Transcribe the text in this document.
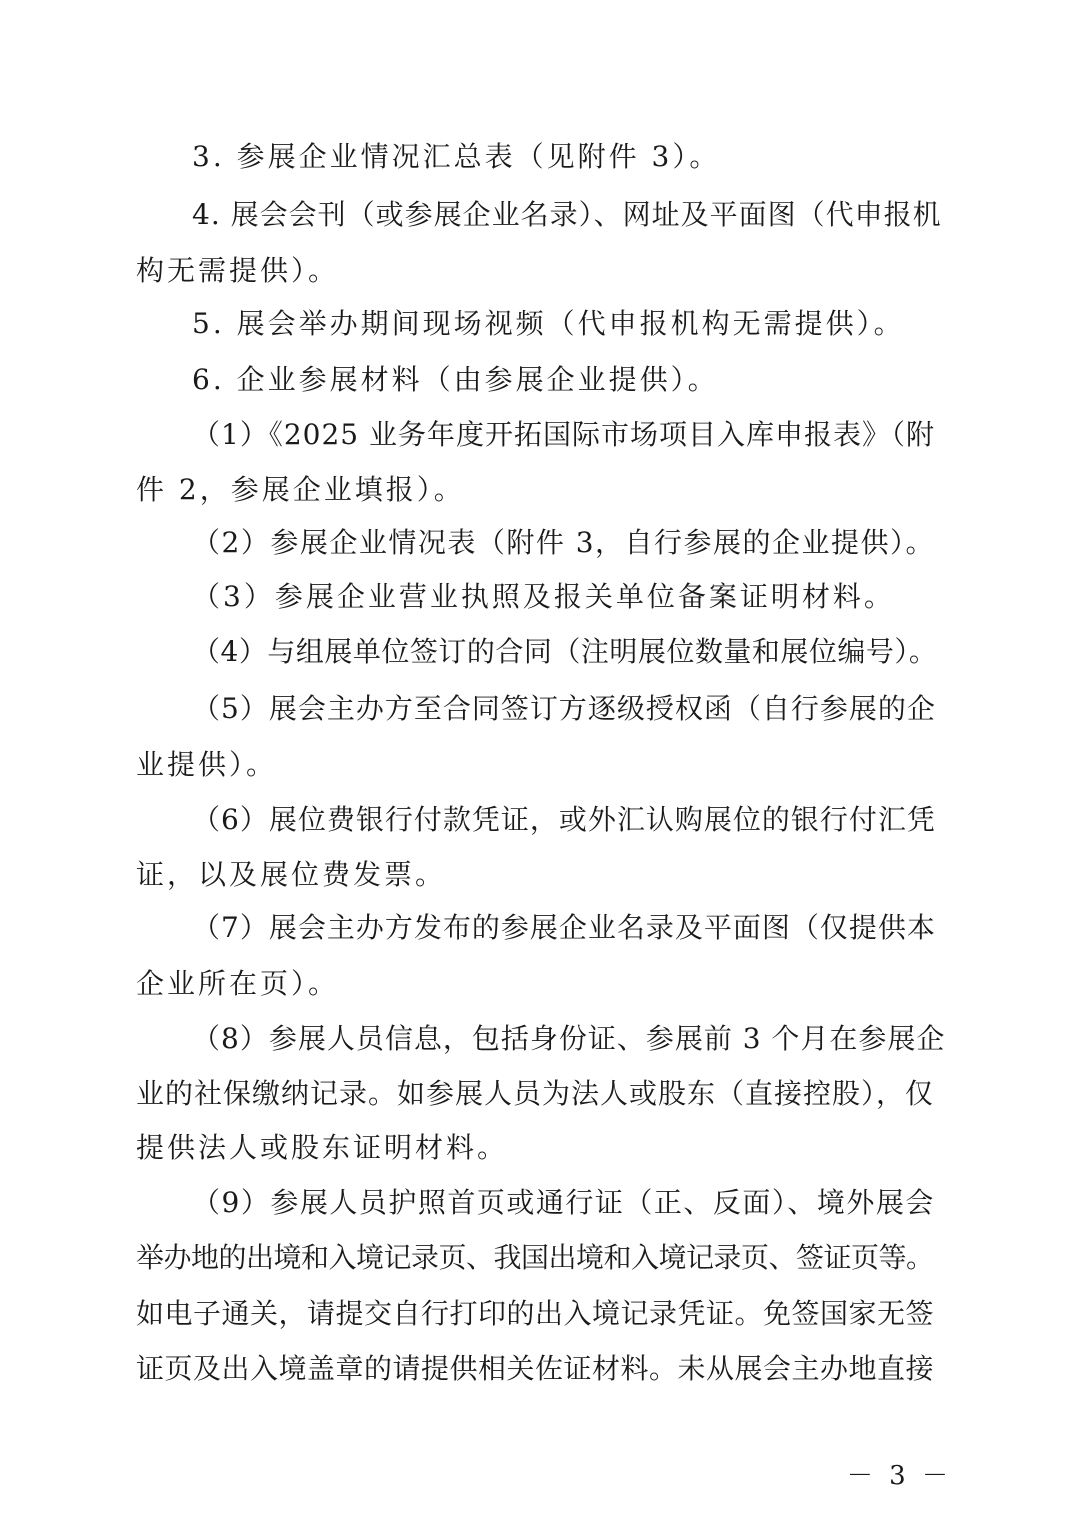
3. 参展企业情况汇总表（见附件 3）。
4. 展会会刊（或参展企业名录）、网址及平面图（代申报机
构无需提供）。
5. 展会举办期间现场视频（代申报机构无需提供）。
6. 企业参展材料（由参展企业提供）。
（1）《2025 业务年度开拓国际市场项目入库申报表》（附
件 2，参展企业填报）。
（2）参展企业情况表（附件 3，自行参展的企业提供）。
（3）参展企业营业执照及报关单位备案证明材料。
（4）与组展单位签订的合同（注明展位数量和展位编号）。
（5）展会主办方至合同签订方逐级授权函（自行参展的企
业提供）。
（6）展位费银行付款凭证，或外汇认购展位的银行付汇凭
证，以及展位费发票。
（7）展会主办方发布的参展企业名录及平面图（仅提供本
企业所在页）。
（8）参展人员信息，包括身份证、参展前 3 个月在参展企
业的社保缴纳记录。如参展人员为法人或股东（直接控股），仅
提供法人或股东证明材料。
（9）参展人员护照首页或通行证（正、反面）、境外展会
举办地的出境和入境记录页、我国出境和入境记录页、签证页等。
如电子通关，请提交自行打印的出入境记录凭证。免签国家无签
证页及出入境盖章的请提供相关佐证材料。未从展会主办地直接
－ 3 －
